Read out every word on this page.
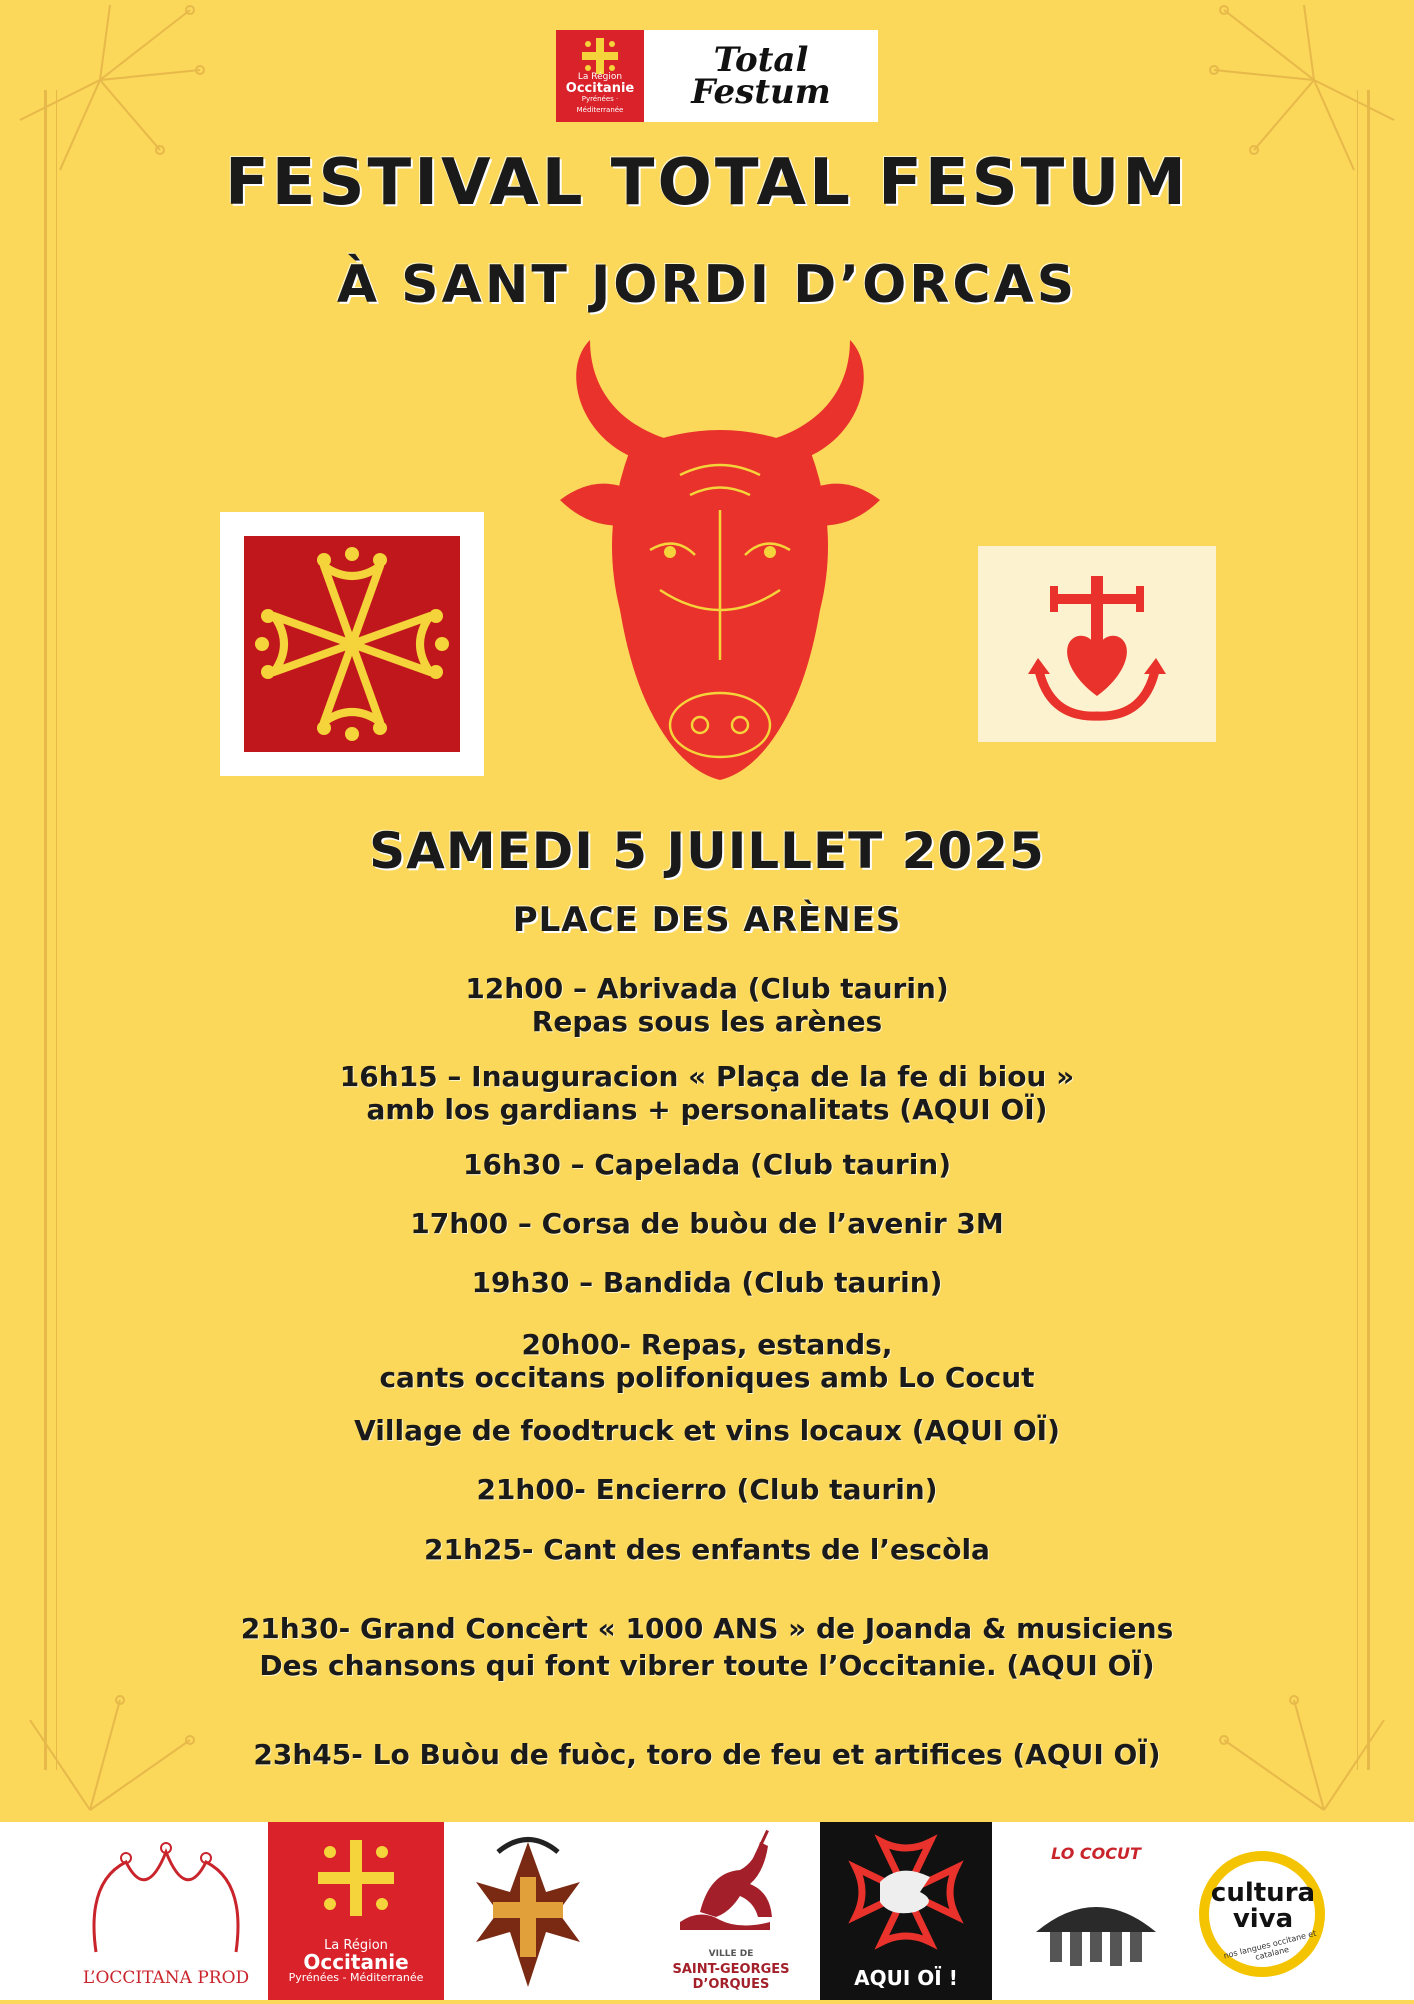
La Région
Occitanie
Pyrénées · Méditerranée
Total
Festum
FESTIVAL TOTAL FESTUM
À SANT JORDI D’ORCAS
SAMEDI 5 JUILLET 2025
PLACE DES ARÈNES
12h00 – Abrivada (Club taurin)
Repas sous les arènes
16h15 – Inauguracion « Plaça de la fe di biou »
amb los gardians + personalitats (AQUI OÏ)
16h30 – Capelada (Club taurin)
17h00 – Corsa de buòu de l’avenir 3M
19h30 – Bandida (Club taurin)
20h00- Repas, estands,
cants occitans polifoniques amb Lo Cocut
Village de foodtruck et vins locaux (AQUI OÏ)
21h00- Encierro (Club taurin)
21h25- Cant des enfants de l’escòla
21h30- Grand Concèrt « 1000 ANS » de Joanda & musiciens
Des chansons qui font vibrer toute l’Occitanie. (AQUI OÏ)
23h45- Lo Buòu de fuòc, toro de feu et artifices (AQUI OÏ)
L’OCCITANA PROD
La Région
Occitanie
Pyrénées - Méditerranée
VILLE DE
SAINT-GEORGES
D’ORQUES	AQUI OÏ !
LO COCUT
cultura
viva
nos langues occitane et catalane
